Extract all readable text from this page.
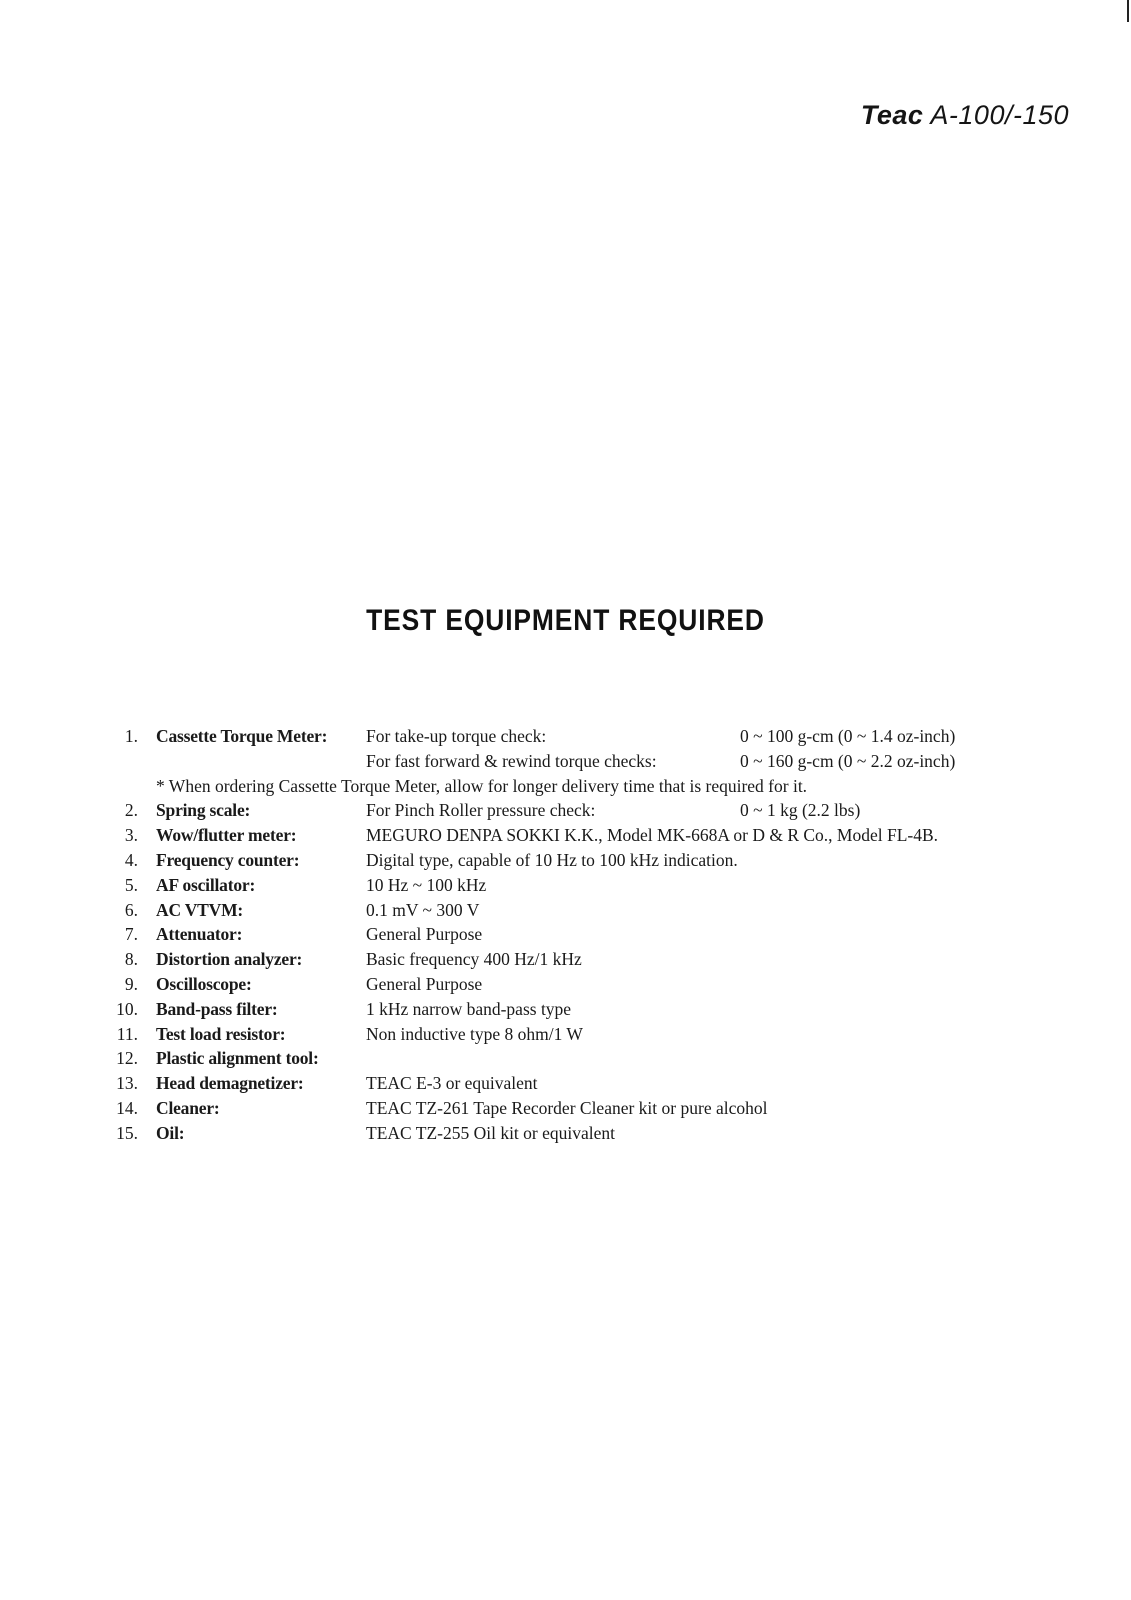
Teac A-100/-150
TEST EQUIPMENT REQUIRED
1. Cassette Torque Meter: For take-up torque check:	0 ~ 100 g-cm (0 ~ 1.4 oz-inch)
For fast forward & rewind torque checks:	0 ~ 160 g-cm (0 ~ 2.2 oz-inch)
* When ordering Cassette Torque Meter, allow for longer delivery time that is required for it.
2. Spring scale:	For Pinch Roller pressure check:	0 ~ 1 kg (2.2 lbs)
3. Wow/flutter meter:	MEGURO DENPA SOKKI K.K., Model MK-668A or D & R Co., Model FL-4B.
4. Frequency counter:	Digital type, capable of 10 Hz to 100 kHz indication.
5. AF oscillator:	10 Hz ~ 100 kHz
6. AC VTVM:	0.1 mV ~ 300 V
7. Attenuator:	General Purpose
8. Distortion analyzer:	Basic frequency 400 Hz/1 kHz
9. Oscilloscope:	General Purpose
10. Band-pass filter:	1 kHz narrow band-pass type
11. Test load resistor:	Non inductive type 8 ohm/1 W
12. Plastic alignment tool:
13. Head demagnetizer:	TEAC E-3 or equivalent
14. Cleaner:	TEAC TZ-261 Tape Recorder Cleaner kit or pure alcohol
15. Oil:	TEAC TZ-255 Oil kit or equivalent
